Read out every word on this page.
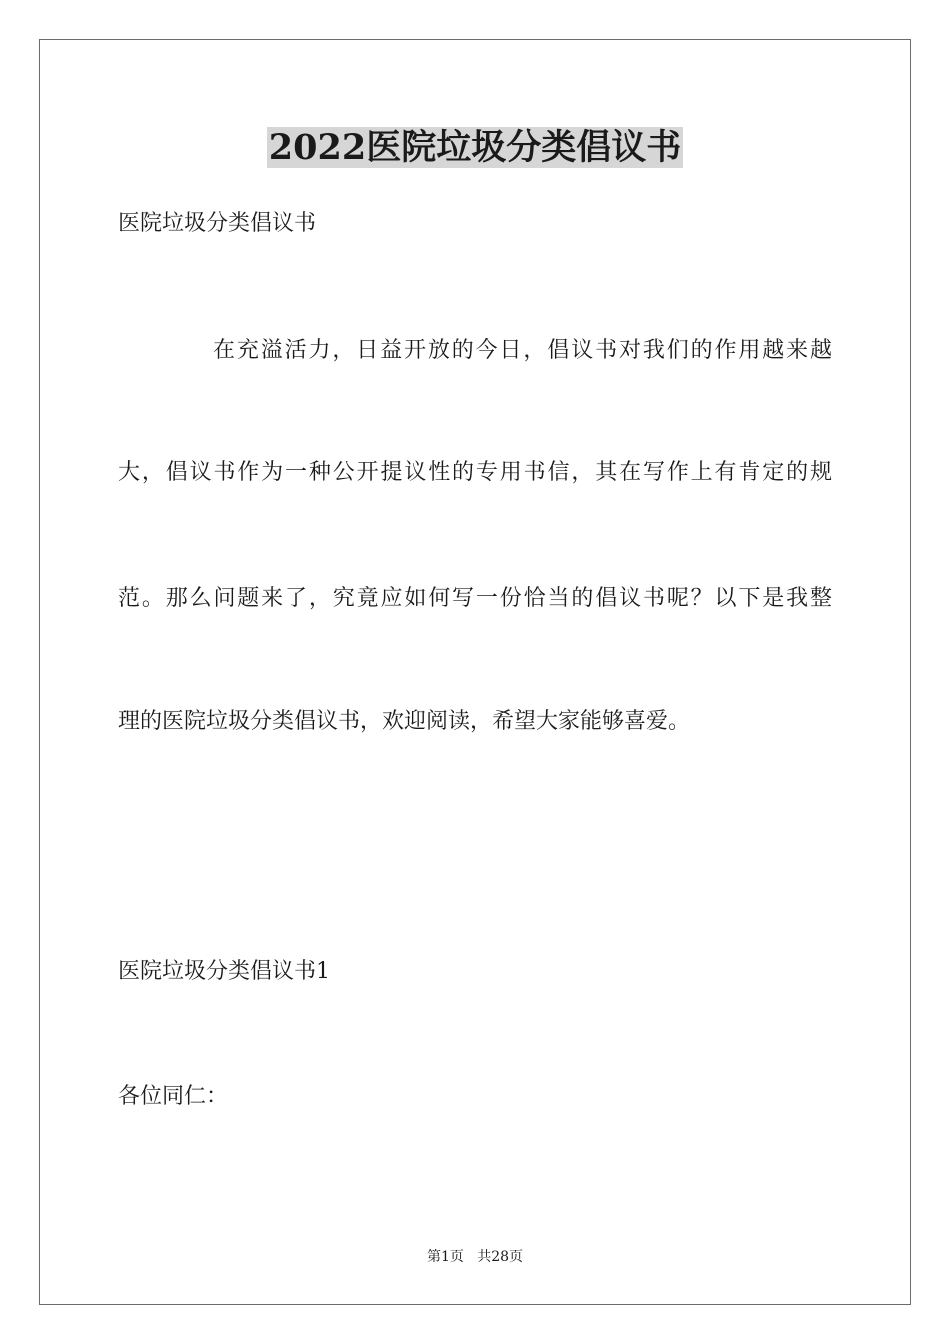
2022医院垃圾分类倡议书
医院垃圾分类倡议书
在充溢活力，日益开放的今日，倡议书对我们的作用越来越
大，倡议书作为一种公开提议性的专用书信，其在写作上有肯定的规
范。那么问题来了，究竟应如何写一份恰当的倡议书呢？以下是我整
理的医院垃圾分类倡议书，欢迎阅读，希望大家能够喜爱。
医院垃圾分类倡议书1
各位同仁：
第1页   共28页
